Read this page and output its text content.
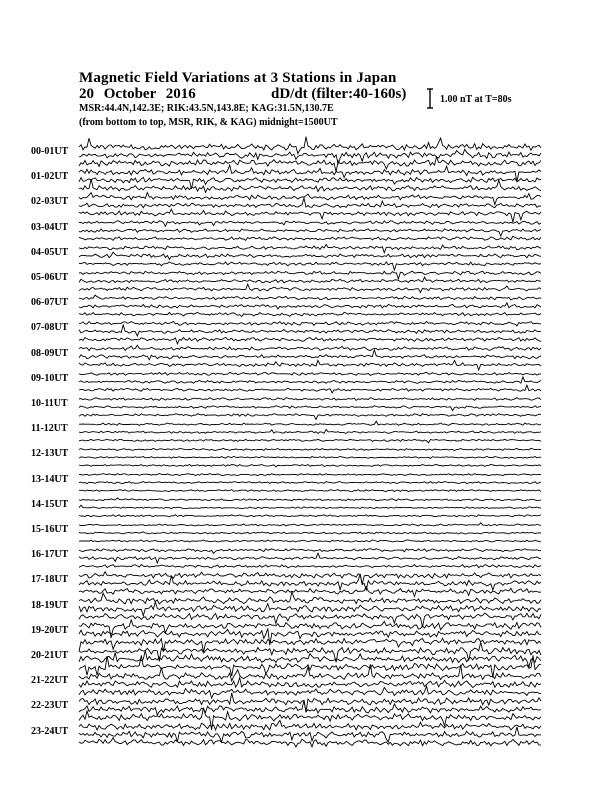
Magnetic Field Variations at 3 Stations in Japan
20 October 2016	dD/dt (filter:40-160s)
MSR:44.4N,142.3E; RIK:43.5N,143.8E; KAG:31.5N,130.7E
(from bottom to top, MSR, RIK, & KAG) midnight=1500UT
1.00 nT at T=80s
00-01UT
01-02UT
02-03UT
03-04UT
04-05UT
05-06UT
06-07UT
07-08UT
08-09UT
09-10UT
10-11UT
11-12UT
12-13UT
13-14UT
14-15UT
15-16UT
16-17UT
17-18UT
18-19UT
19-20UT
20-21UT
21-22UT
22-23UT
23-24UT
